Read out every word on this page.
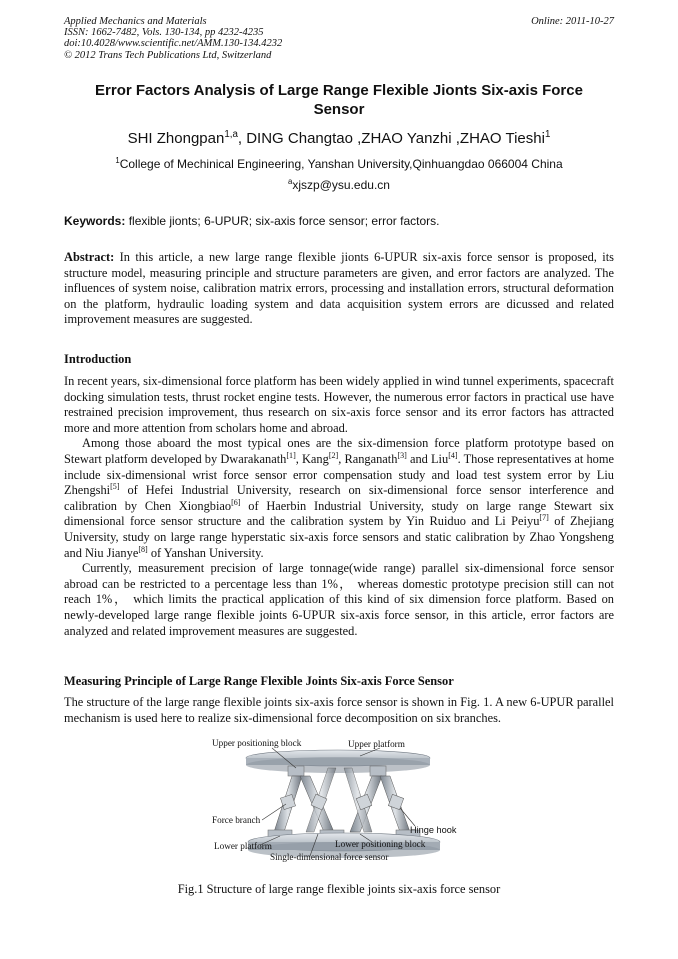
Applied Mechanics and Materials
ISSN: 1662-7482, Vols. 130-134, pp 4232-4235
doi:10.4028/www.scientific.net/AMM.130-134.4232
© 2012 Trans Tech Publications Ltd, Switzerland
Online: 2011-10-27
Error Factors Analysis of Large Range Flexible Jionts Six-axis Force
Sensor
SHI Zhongpan$^{1,a}$, DING Changtao ,ZHAO Yanzhi ,ZHAO Tieshi$^1$
$^1$College of Mechinical Engineering, Yanshan University,Qinhuangdao 066004 China
$^a$xjszp@ysu.edu.cn
Keywords: flexible jionts; 6-UPUR; six-axis force sensor; error factors.

Abstract: In this article, a new large range flexible jionts 6-UPUR six-axis force sensor is proposed, its structure model, measuring principle and structure parameters are given, and error factors are analyzed. The influences of system noise, calibration matrix errors, processing and installation errors, structural deformation on the platform, hydraulic loading system and data acquisition system errors are dicussed and related improvement measures are suggested.

Introduction

In recent years, six-dimensional force platform has been widely applied in wind tunnel experiments, spacecraft docking simulation tests, thrust rocket engine tests. However, the numerous error factors in practical use have restrained precision improvement, thus research on six-axis force sensor and its error factors has attracted more and more attention from scholars home and abroad.

Among those aboard the most typical ones are the six-dimension force platform prototype based on Stewart platform developed by Dwarakanath[1], Kang[2], Ranganath[3] and Liu[4]. Those representatives at home include six-dimensional wrist force sensor error compensation study and load test system error by Liu Zhengshi[5] of Hefei Industrial University, research on six-dimensional force sensor interference and calibration by Chen Xiongbiao[6] of Haerbin Industrial University, study on large range Stewart six dimensional force sensor structure and the calibration system by Yin Ruiduo and Li Peiyu[7] of Zhejiang University, study on large range hyperstatic six-axis force sensors and static calibration by Zhao Yongsheng and Niu Jianye[8] of Yanshan University.

Currently, measurement precision of large tonnage(wide range) parallel six-dimensional force sensor abroad can be restricted to a percentage less than 1%， whereas domestic prototype precision still can not reach 1%， which limits the practical application of this kind of six dimension force platform. Based on newly-developed large range flexible joints 6-UPUR six-axis force sensor, in this article, error factors are analyzed and related improvement measures are suggested.

Measuring Principle of Large Range Flexible Joints Six-axis Force Sensor

The structure of the large range flexible joints six-axis force sensor is shown in Fig. 1. A new 6-UPUR parallel mechanism is used here to realize six-dimensional force decomposition on six branches.

Upper positioning block	Upper platform
Force branch
Hinge hook
Lower platform	Lower positioning block
Single-dimensional force sensor
Fig.1 Structure of large range flexible joints six-axis force sensor
